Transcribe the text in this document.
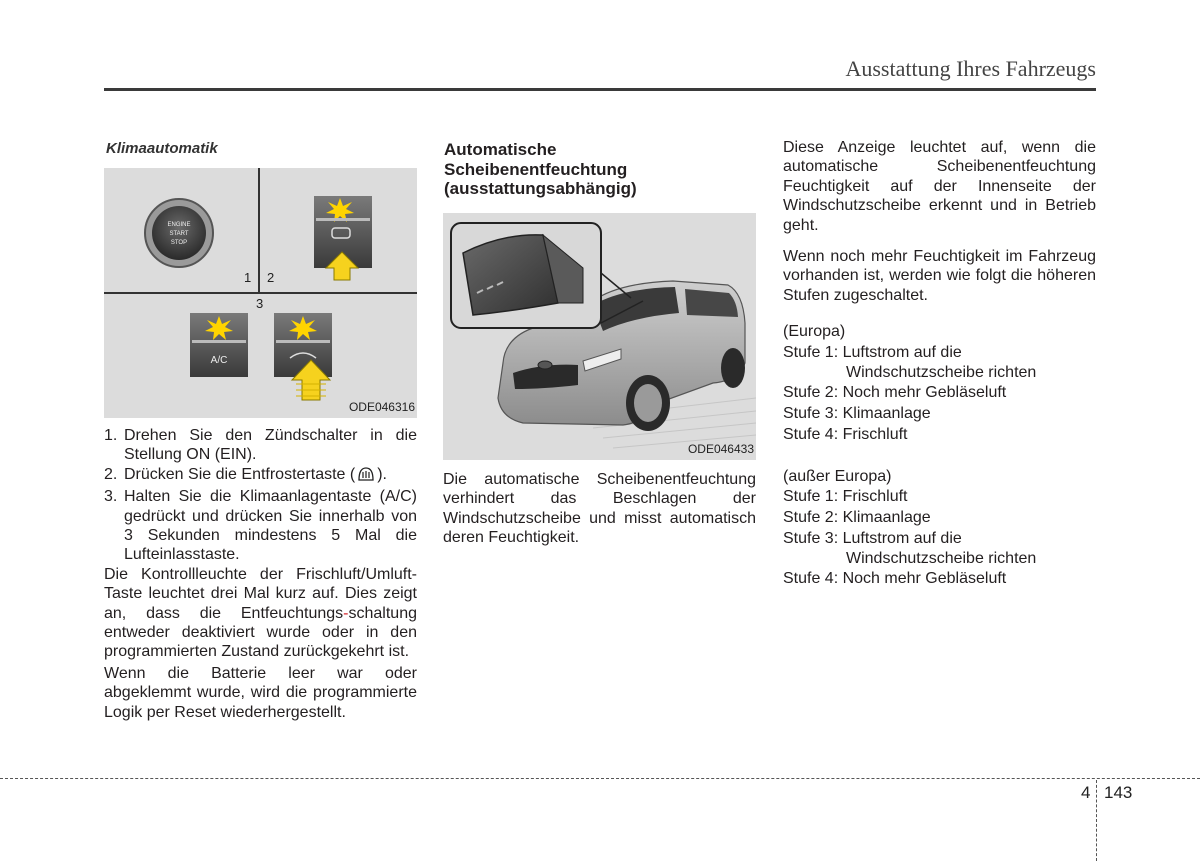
Ausstattung Ihres Fahrzeugs
Klimaautomatik
ENGINE
START
STOP
1 2
3
A/C
ODE046316
1. Drehen Sie den Zündschalter in die Stellung ON (EIN).
2. Drücken Sie die Entfrostertaste ( ).
3. Halten Sie die Klimaanlagentaste (A/C) gedrückt und drücken Sie innerhalb von 3 Sekunden mindestens 5 Mal die Lufteinlasstaste.

Die Kontrollleuchte der Frischluft/Umluft-Taste leuchtet drei Mal kurz auf. Dies zeigt an, dass die Entfeuchtungs-schaltung entweder deaktiviert wurde oder in den programmierten Zustand zurückgekehrt ist.

Wenn die Batterie leer war oder abgeklemmt wurde, wird die programmierte Logik per Reset wiederhergestellt.

Automatische
Scheibenentfeuchtung
(ausstattungsabhängig)
ODE046433

Die automatische Scheibenentfeuchtung verhindert das Beschlagen der Windschutzscheibe und misst automatisch deren Feuchtigkeit.

Diese Anzeige leuchtet auf, wenn die automatische Scheibenentfeuchtung Feuchtigkeit auf der Innenseite der Windschutzscheibe erkennt und in Betrieb geht.

Wenn noch mehr Feuchtigkeit im Fahrzeug vorhanden ist, werden wie folgt die höheren Stufen zugeschaltet.

(Europa)
Stufe 1: Luftstrom auf die
Windschutzscheibe richten
Stufe 2: Noch mehr Gebläseluft
Stufe 3: Klimaanlage
Stufe 4: Frischluft
(außer Europa)
Stufe 1: Frischluft
Stufe 2: Klimaanlage
Stufe 3: Luftstrom auf die
Windschutzscheibe richten
Stufe 4: Noch mehr Gebläseluft
4 143
